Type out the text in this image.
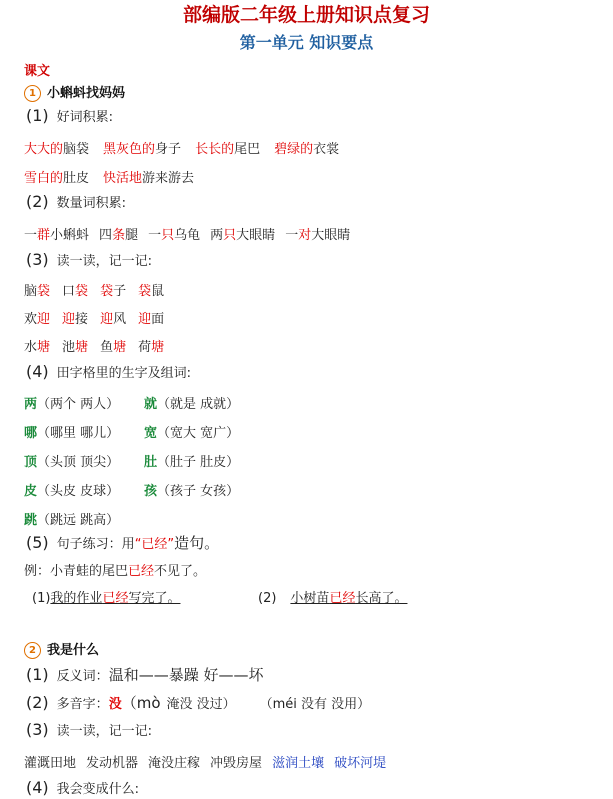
部编版二年级上册知识点复习
第一单元 知识要点
课文
1 小蝌蚪找妈妈
(1) 好词积累:
大大的脑袋 黑灰色的身子 长长的尾巴 碧绿的衣裳
雪白的肚皮 快活地游来游去
(2) 数量词积累:
一群小蝌蚪 四条腿 一只乌龟 两只大眼睛 一对大眼睛
(3) 读一读，记一记:
脑袋 口袋 袋子 袋鼠
欢迎 迎接 迎风 迎面
水塘 池塘 鱼塘 荷塘
(4) 田字格里的生字及组词:
两（两个 两人） 就（就是 成就）
哪（哪里 哪儿） 宽（宽大 宽广）
顶（头顶 顶尖） 肚（肚子 肚皮）
皮（头皮 皮球） 孩（孩子 女孩）
跳（跳远 跳高）
(5) 句子练习：用“已经”造句。
例：小青蛙的尾巴已经不见了。
(1)我的作业已经写完了。	(2) 小树苗已经长高了。
2 我是什么
(1) 反义词：温和——暴躁 好——坏
(2) 多音字：没（mò 淹没 没过） （méi 没有 没用）
(3) 读一读，记一记:
灌溉田地 发动机器 淹没庄稼 冲毁房屋 滋润土壤 破坏河堤
(4) 我会变成什么:
